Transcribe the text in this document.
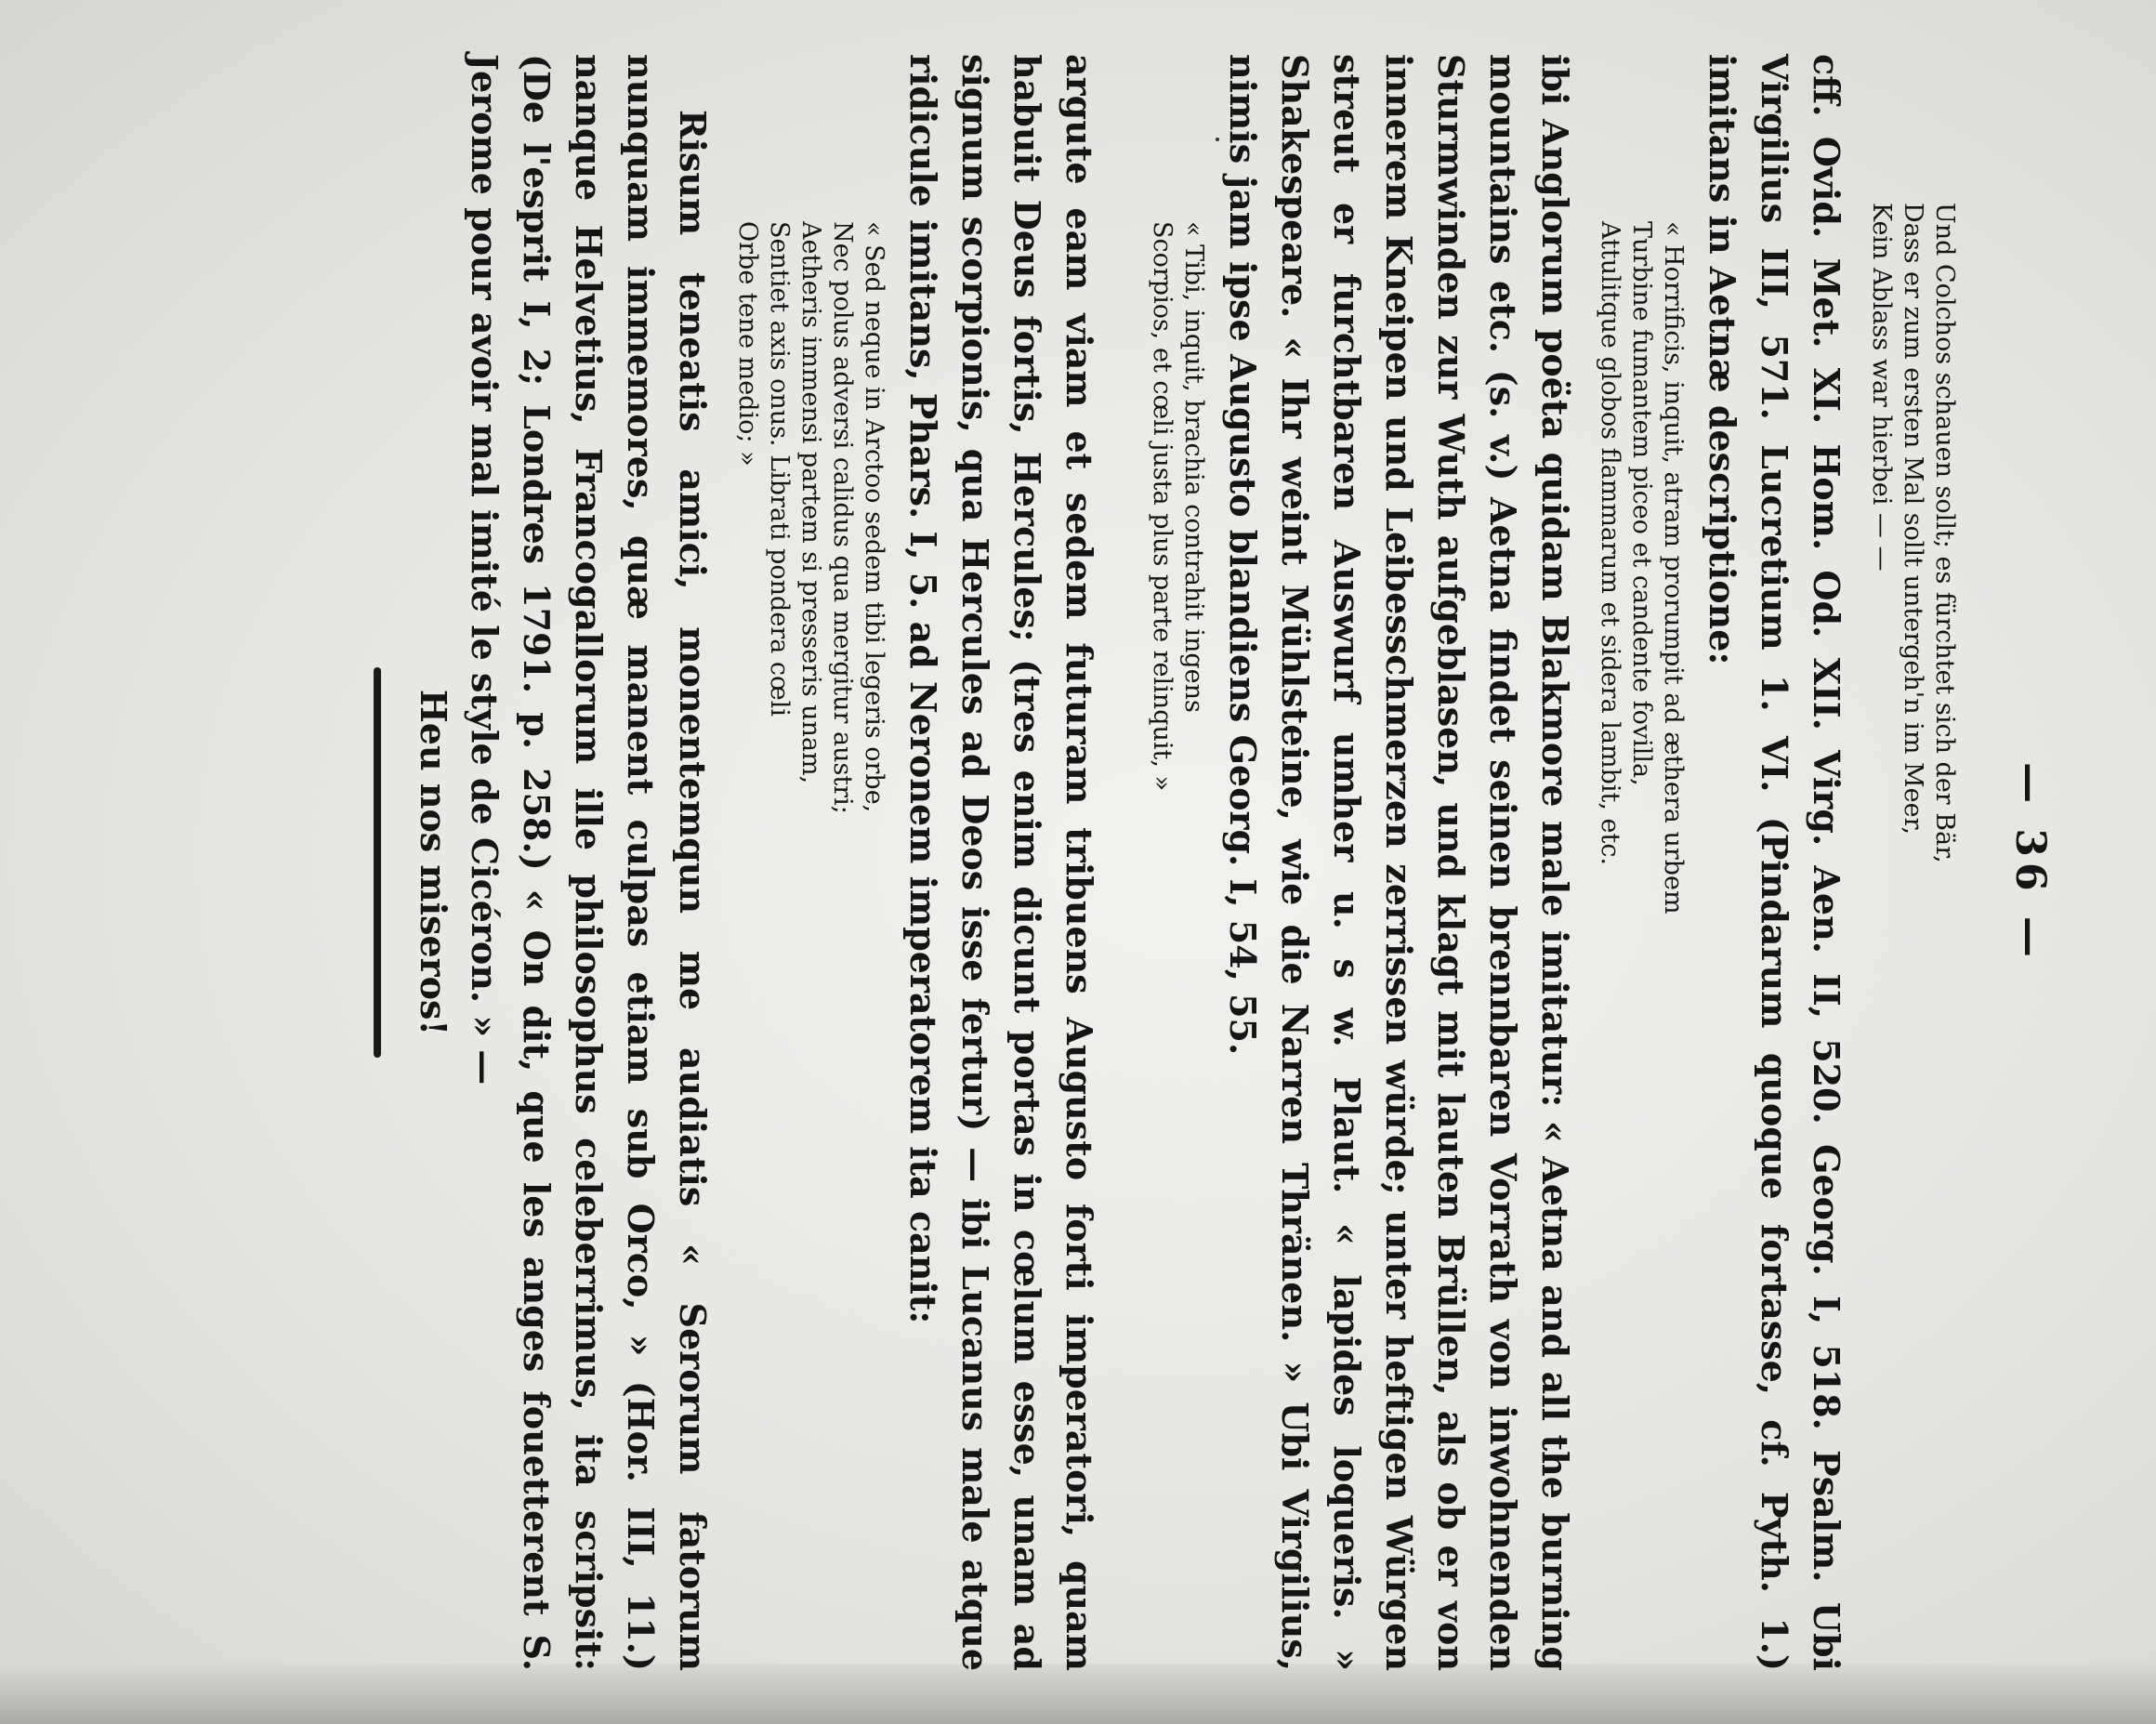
— 36 —
Und Colchos schauen sollt; es fürchtet sich der Bär,
Dass er zum ersten Mal sollt untergeh'n im Meer,
Kein Ablass war hierbei — —

cff. Ovid. Met. XI. Hom. Od. XII. Virg. Aen. II, 520. Georg. I, 518. Psalm. Ubi Virgilius III, 571. Lucretium 1. VI. (Pindarum quoque fortasse, cf. Pyth. 1.) imitans in Aetnæ descriptione:

« Horrificis, inquit, atram prorumpit ad æthera urbem
Turbine fumantem piceo et candente fovilla,
Attulitque globos flammarum et sidera lambit, etc.

ibi Anglorum poëta quidam Blakmore male imitatur: « Aetna and all the burning mountains etc. (s. v.) Aetna findet seinen brennbaren Vorrath von inwohnenden Sturmwinden zur Wuth aufgeblasen, und klagt mit lauten Brüllen, als ob er von innerem Kneipen und Leibesschmerzen zerrissen würde; unter heftigen Würgen streut er furchtbaren Auswurf umher u. s w. Plaut. « lapides loqueris. » Shakespeare. « Ihr weint Mühlsteine, wie die Narren Thränen. » Ubi Virgilius, nimis jam ipse Augusto blandiens Georg. I, 54, 55.

« Tibi, inquit, brachia contrahit ingens
Scorpios, et cœli justa plus parte relinquit, »

argute eam viam et sedem futuram tribuens Augusto forti imperatori, quam habuit Deus fortis, Hercules; (tres enim dicunt portas in cœlum esse, unam ad signum scorpionis, qua Hercules ad Deos isse fertur) — ibi Lucanus male atque ridicule imitans, Phars. I, 5. ad Neronem imperatorem ita canit:

« Sed neque in Arctoo sedem tibi legeris orbe,
Nec polus adversi calidus qua mergitur austri;
Aetheris immensi partem si presseris unam,
Sentiet axis onus. Librati pondera cœli
Orbe tene medio; »

Risum teneatis amici, monentemqun me audiatis « Serorum fatorum nunquam immemores, quæ manent culpas etiam sub Orco, » (Hor. III, 11.) nanque Helvetius, Francogallorum ille philosophus celeberrimus, ita scripsit: (De l'esprit I, 2; Londres 1791. p. 258.) « On dit, que les anges fouetterent S. Jerome pour avoir mal imité le style de Cicéron. » —

Heu nos miseros!
